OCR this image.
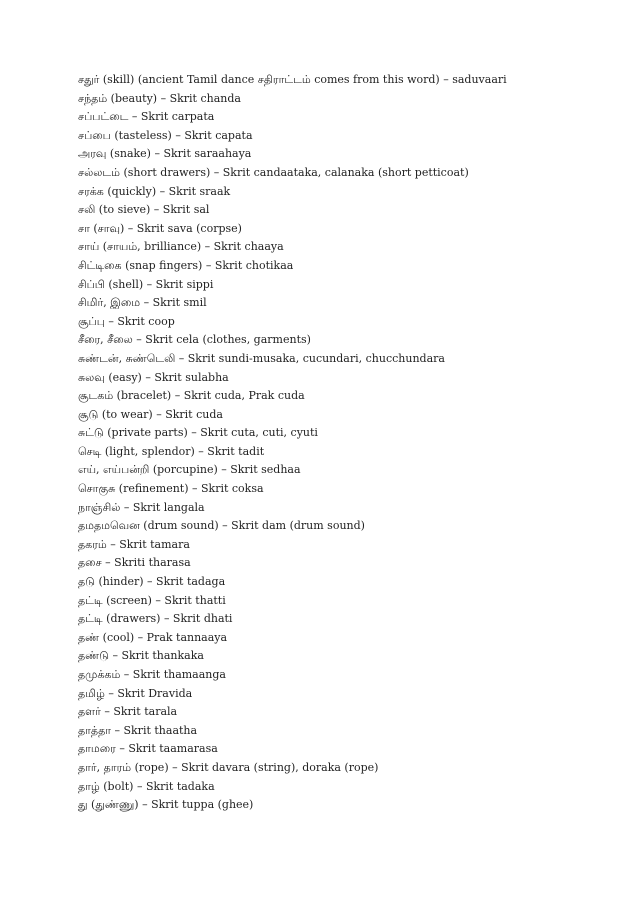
சதுர் (skill) (ancient Tamil dance சதிராட்டம் comes from this word) – saduvaari
சந்தம் (beauty) – Skrit chanda
சப்பட்டை – Skrit carpata
சப்பை (tasteless) – Skrit capata
அரவு (snake) – Skrit saraahaya
சல்லடம் (short drawers) – Skrit candaataka, calanaka (short petticoat)
சரக்க (quickly) – Skrit sraak
சலி (to sieve) – Skrit sal
சா (சாவு) – Skrit sava (corpse)
சாய் (சாயம், brilliance) – Skrit chaaya
சிட்டிகை (snap fingers) – Skrit chotikaa
சிப்பி (shell) – Skrit sippi
சிமிர், இமை – Skrit smil
சூப்பு – Skrit coop
சீரை, சீலை – Skrit cela (clothes, garments)
சுண்டன், சுண்டெலி – Skrit sundi-musaka, cucundari, chucchundara
சுலவு (easy) – Skrit sulabha
சூடகம் (bracelet) – Skrit cuda, Prak cuda
சூடு (to wear) – Skrit cuda
சுட்டு (private parts) – Skrit cuta, cuti, cyuti
செடி (light, splendor) – Skrit tadit
எய், எய்பன்றி (porcupine) – Skrit sedhaa
சொகுசு (refinement) – Skrit coksa
நாஞ்சில் – Skrit langala
தமதமவென (drum sound) – Skrit dam (drum sound)
தகரம் – Skrit tamara
தசை – Skriti tharasa
தடு (hinder) – Skrit tadaga
தட்டி (screen) – Skrit thatti
தட்டி (drawers) – Skrit dhati
தண் (cool) – Prak tannaaya
தண்டு – Skrit thankaka
தமுக்கம் – Skrit thamaanga
தமிழ் – Skrit Dravida
தளர் – Skrit tarala
தாத்தா – Skrit thaatha
தாமரை – Skrit taamarasa
தார், தாரம் (rope) – Skrit davara (string), doraka (rope)
தாழ் (bolt) – Skrit tadaka
து (துண்ணு) – Skrit tuppa (ghee)
